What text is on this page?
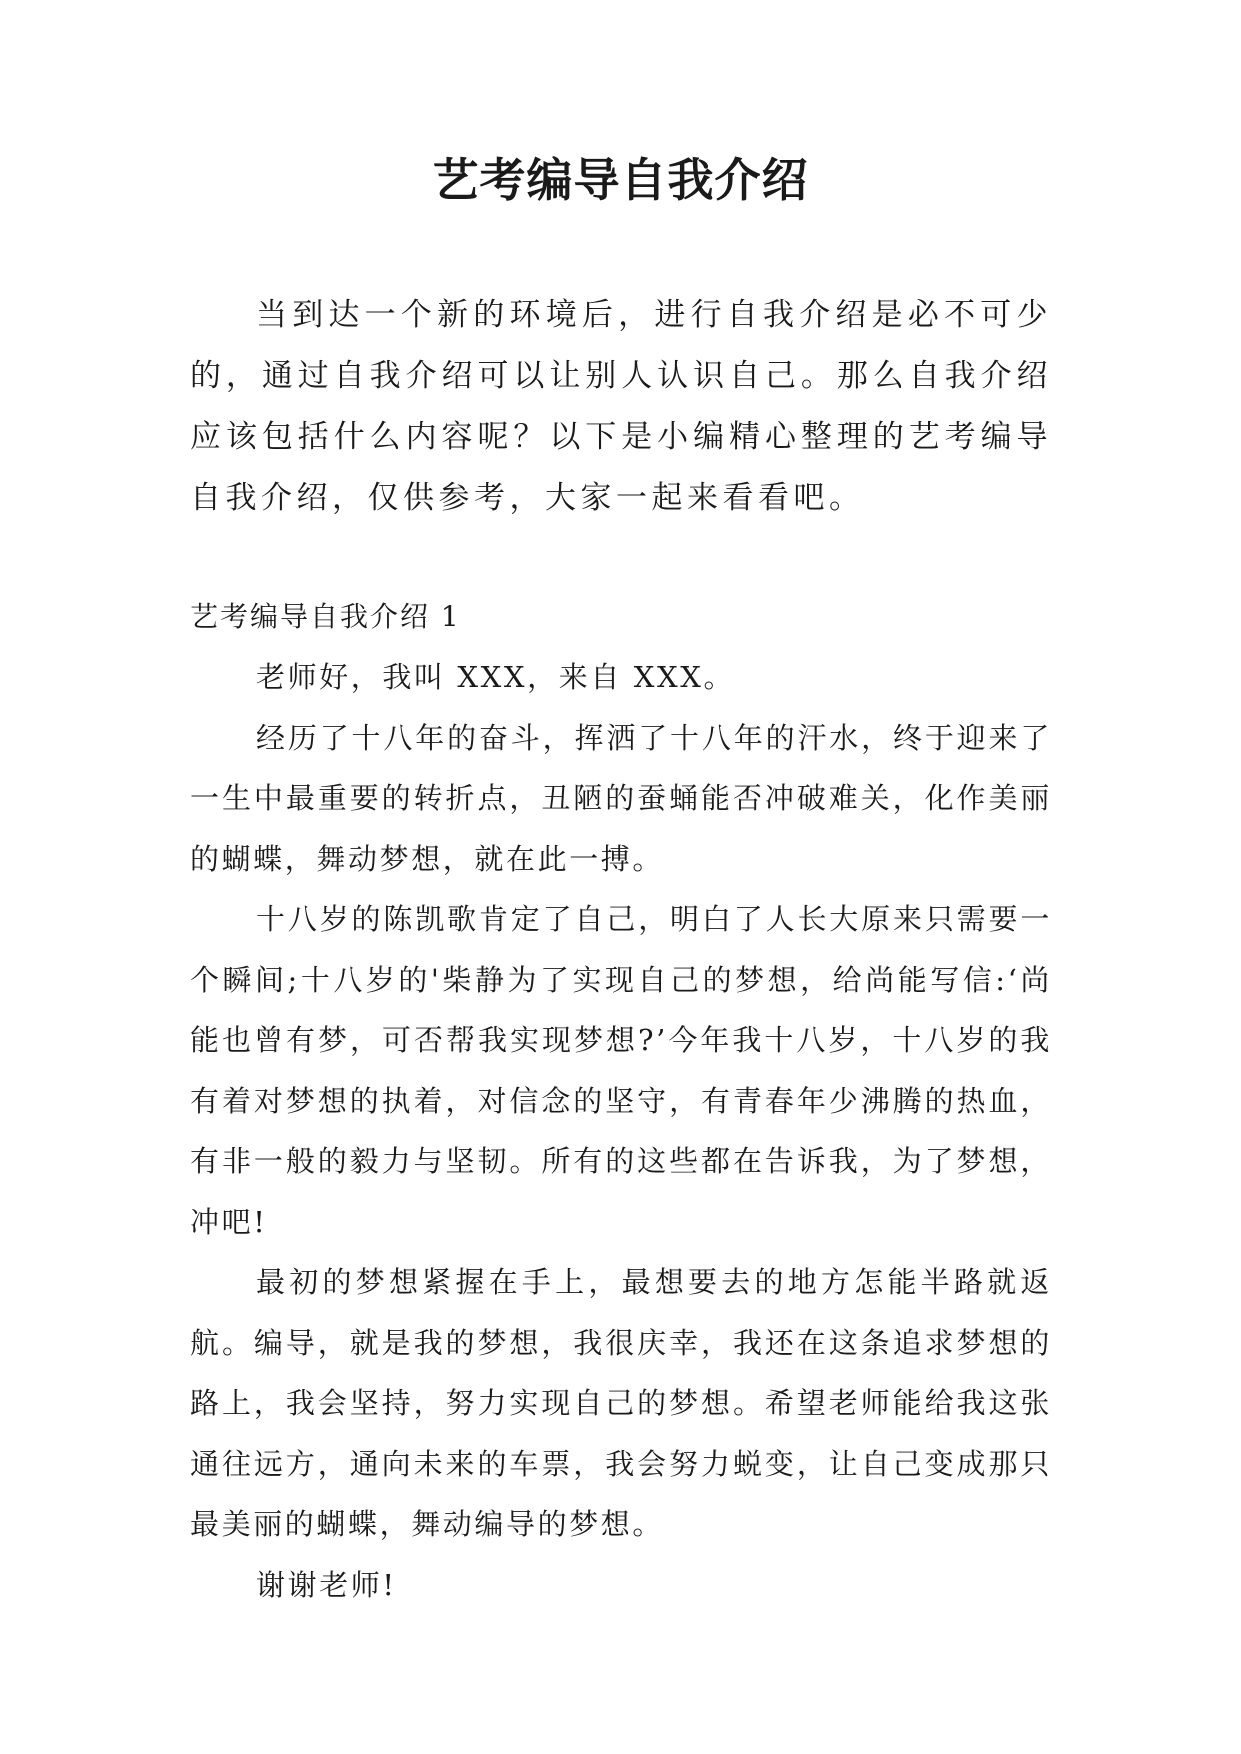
艺考编导自我介绍

当到达一个新的环境后，进行自我介绍是必不可少的，通过自我介绍可以让别人认识自己。那么自我介绍应该包括什么内容呢？以下是小编精心整理的艺考编导自我介绍，仅供参考，大家一起来看看吧。

艺考编导自我介绍 1

老师好，我叫 XXX，来自 XXX。

经历了十八年的奋斗，挥洒了十八年的汗水，终于迎来了一生中最重要的转折点，丑陋的蚕蛹能否冲破难关，化作美丽的蝴蝶，舞动梦想，就在此一搏。

十八岁的陈凯歌肯定了自己，明白了人长大原来只需要一个瞬间;十八岁的'柴静为了实现自己的梦想，给尚能写信:‘尚能也曾有梦，可否帮我实现梦想?’今年我十八岁，十八岁的我有着对梦想的执着，对信念的坚守，有青春年少沸腾的热血，有非一般的毅力与坚韧。所有的这些都在告诉我，为了梦想，冲吧!

最初的梦想紧握在手上，最想要去的地方怎能半路就返航。编导，就是我的梦想，我很庆幸，我还在这条追求梦想的路上，我会坚持，努力实现自己的梦想。希望老师能给我这张通往远方，通向未来的车票，我会努力蜕变，让自己变成那只最美丽的蝴蝶，舞动编导的梦想。

谢谢老师!
